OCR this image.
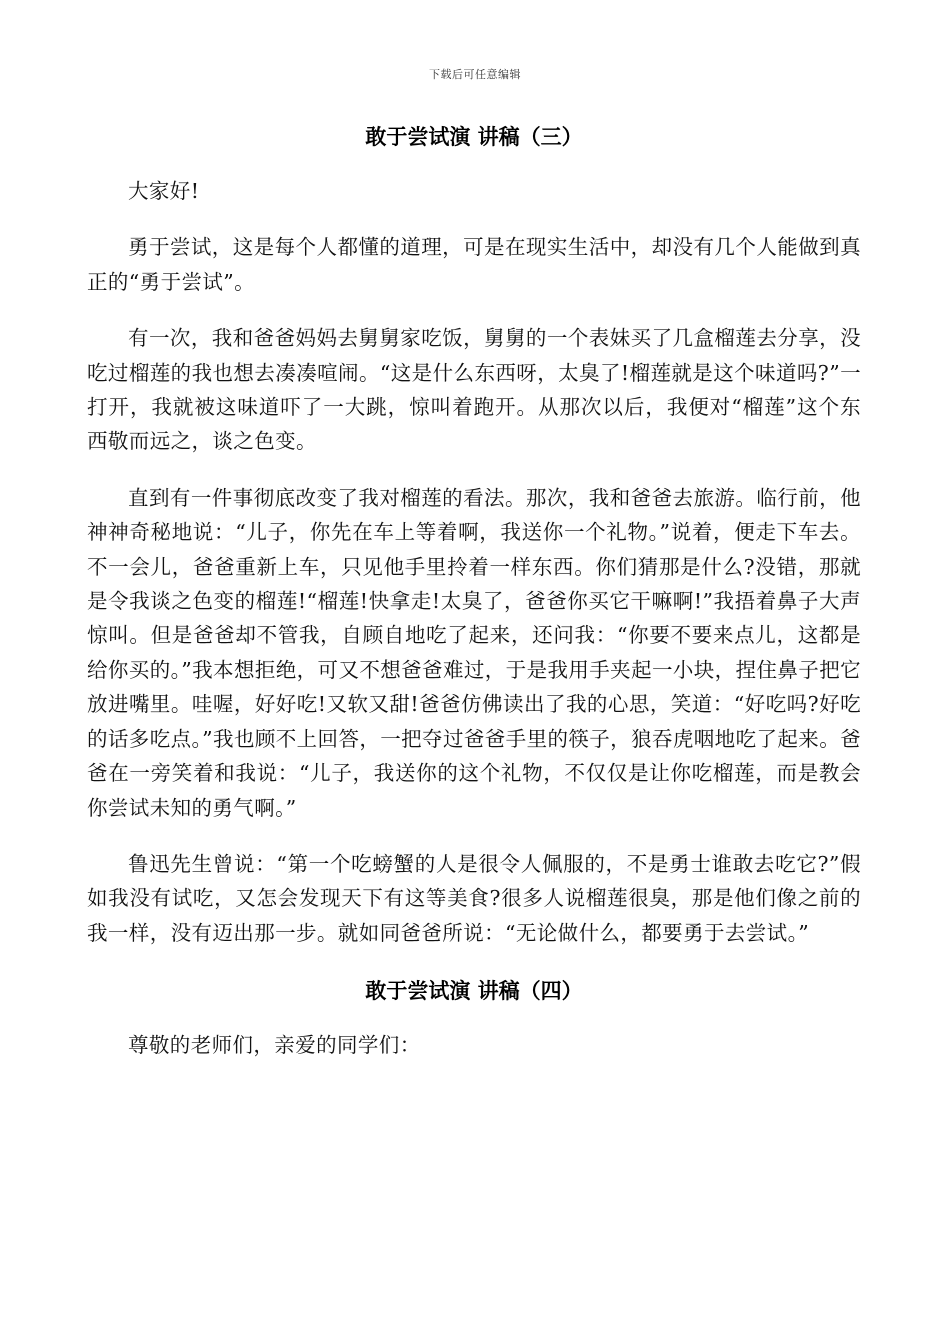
下载后可任意编辑
敢于尝试演 讲稿（三）

大家好!

勇于尝试，这是每个人都懂的道理，可是在现实生活中，却没有几个人能做到真正的“勇于尝试”。

有一次，我和爸爸妈妈去舅舅家吃饭，舅舅的一个表妹买了几盒榴莲去分享，没吃过榴莲的我也想去凑凑喧闹。“这是什么东西呀，太臭了!榴莲就是这个味道吗?”一打开，我就被这味道吓了一大跳，惊叫着跑开。从那次以后，我便对“榴莲”这个东西敬而远之，谈之色变。

直到有一件事彻底改变了我对榴莲的看法。那次，我和爸爸去旅游。临行前，他神神奇秘地说：“儿子，你先在车上等着啊，我送你一个礼物。”说着，便走下车去。不一会儿，爸爸重新上车，只见他手里拎着一样东西。你们猜那是什么?没错，那就是令我谈之色变的榴莲!“榴莲!快拿走!太臭了，爸爸你买它干嘛啊!”我捂着鼻子大声惊叫。但是爸爸却不管我，自顾自地吃了起来，还问我：“你要不要来点儿，这都是给你买的。”我本想拒绝，可又不想爸爸难过，于是我用手夹起一小块，捏住鼻子把它放进嘴里。哇喔，好好吃!又软又甜!爸爸仿佛读出了我的心思，笑道：“好吃吗?好吃的话多吃点。”我也顾不上回答，一把夺过爸爸手里的筷子，狼吞虎咽地吃了起来。爸爸在一旁笑着和我说：“儿子，我送你的这个礼物，不仅仅是让你吃榴莲，而是教会你尝试未知的勇气啊。”

鲁迅先生曾说：“第一个吃螃蟹的人是很令人佩服的，不是勇士谁敢去吃它?”假如我没有试吃，又怎会发现天下有这等美食?很多人说榴莲很臭，那是他们像之前的我一样，没有迈出那一步。就如同爸爸所说：“无论做什么，都要勇于去尝试。”

敢于尝试演 讲稿（四）

尊敬的老师们，亲爱的同学们：
